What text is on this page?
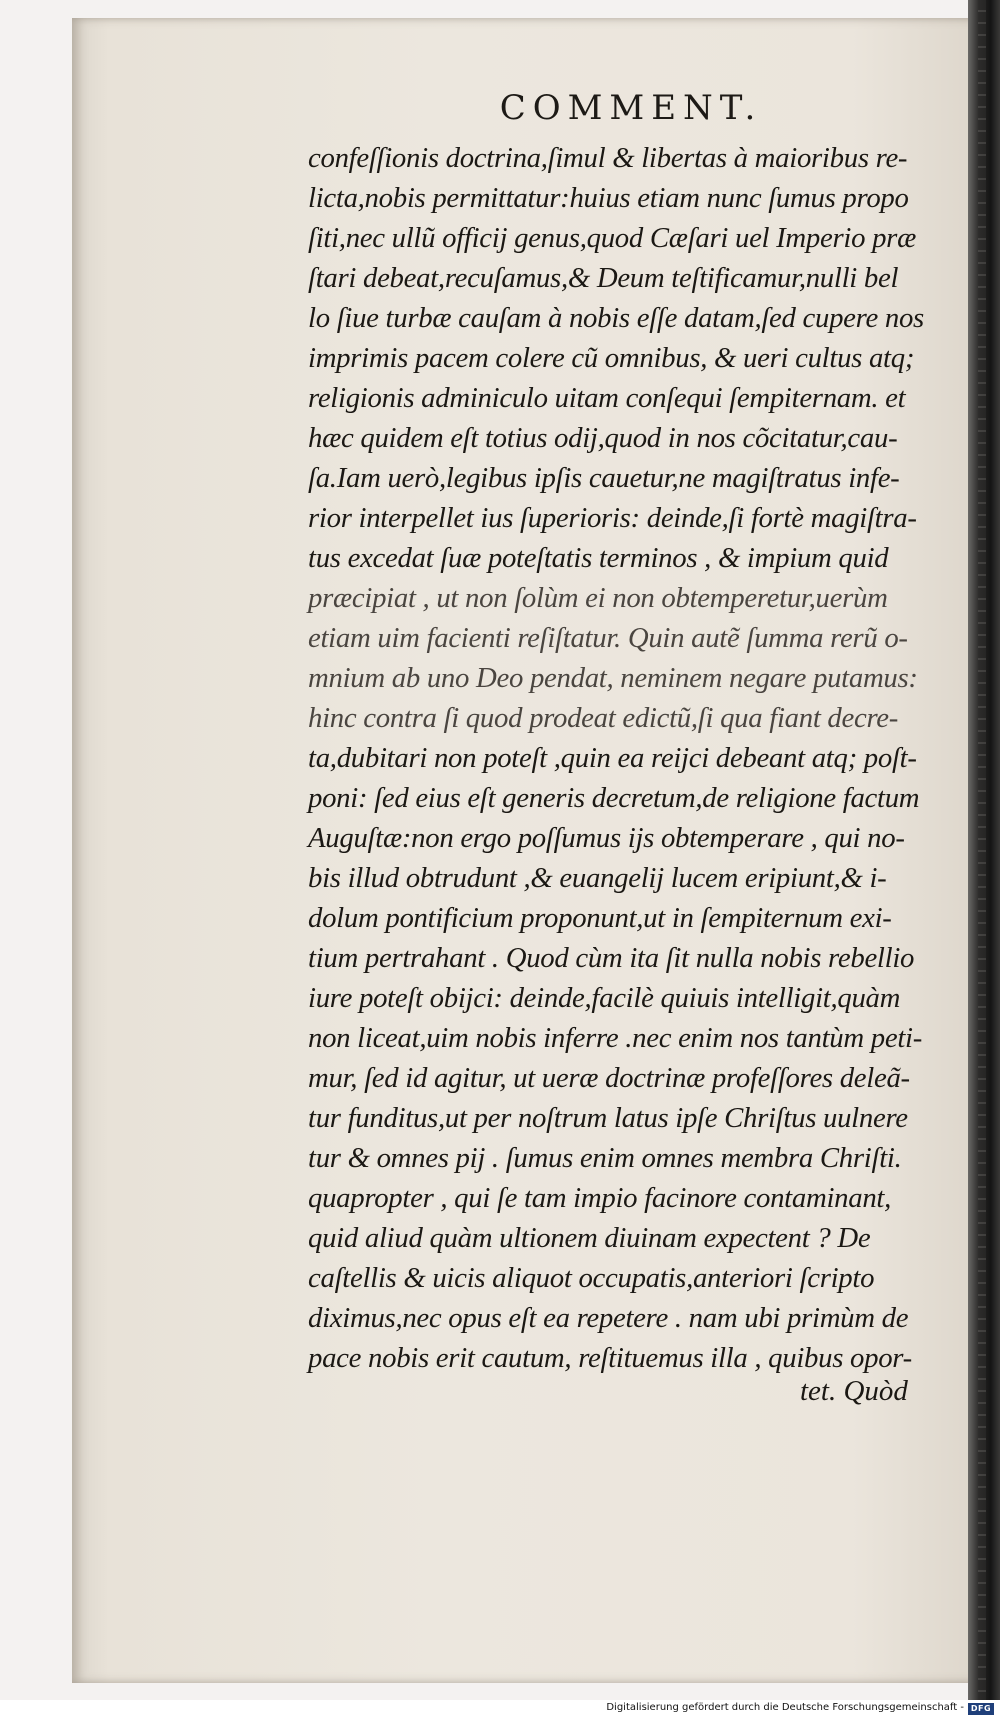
COMMENT.
confeſſionis doctrina,ſimul & libertas à maioribus re-
licta,nobis permittatur:huius etiam nunc ſumus propo
ſiti,nec ullũ officij genus,quod Cæſari uel Imperio præ
ſtari debeat,recuſamus,& Deum teſtificamur,nulli bel
lo ſiue turbæ cauſam à nobis eſſe datam,ſed cupere nos
imprimis pacem colere cũ omnibus, & ueri cultus atq;
religionis adminiculo uitam conſequi ſempiternam. et
hæc quidem eſt totius odij,quod in nos cõcitatur,cau-
ſa.Iam uerò,legibus ipſis cauetur,ne magiſtratus infe-
rior interpellet ius ſuperioris: deinde,ſi fortè magiſtra-
tus excedat ſuæ poteſtatis terminos , & impium quid
præcipiat , ut non ſolùm ei non obtemperetur,uerùm
etiam uim facienti reſiſtatur. Quin autẽ ſumma rerũ o-
mnium ab uno Deo pendat, neminem negare putamus:
hinc contra ſi quod prodeat edictũ,ſi qua fiant decre-
ta,dubitari non poteſt ,quin ea reijci debeant atq; poſt-
poni: ſed eius eſt generis decretum,de religione factum
Auguſtæ:non ergo poſſumus ijs obtemperare , qui no-
bis illud obtrudunt ,& euangelij lucem eripiunt,& i-
dolum pontificium proponunt,ut in ſempiternum exi-
tium pertrahant . Quod cùm ita ſit nulla nobis rebellio
iure poteſt obijci: deinde,facilè quiuis intelligit,quàm
non liceat,uim nobis inferre .nec enim nos tantùm peti-
mur, ſed id agitur, ut ueræ doctrinæ profeſſores deleã-
tur funditus,ut per noſtrum latus ipſe Chriſtus uulnere
tur & omnes pij . ſumus enim omnes membra Chriſti.
quapropter , qui ſe tam impio facinore contaminant,
quid aliud quàm ultionem diuinam expectent ? De
caſtellis & uicis aliquot occupatis,anteriori ſcripto
diximus,nec opus eſt ea repetere . nam ubi primùm de
pace nobis erit cautum, reſtituemus illa , quibus opor-
tet. Quòd
Digitalisierung gefördert durch die Deutsche Forschungsgemeinschaft - DFG
